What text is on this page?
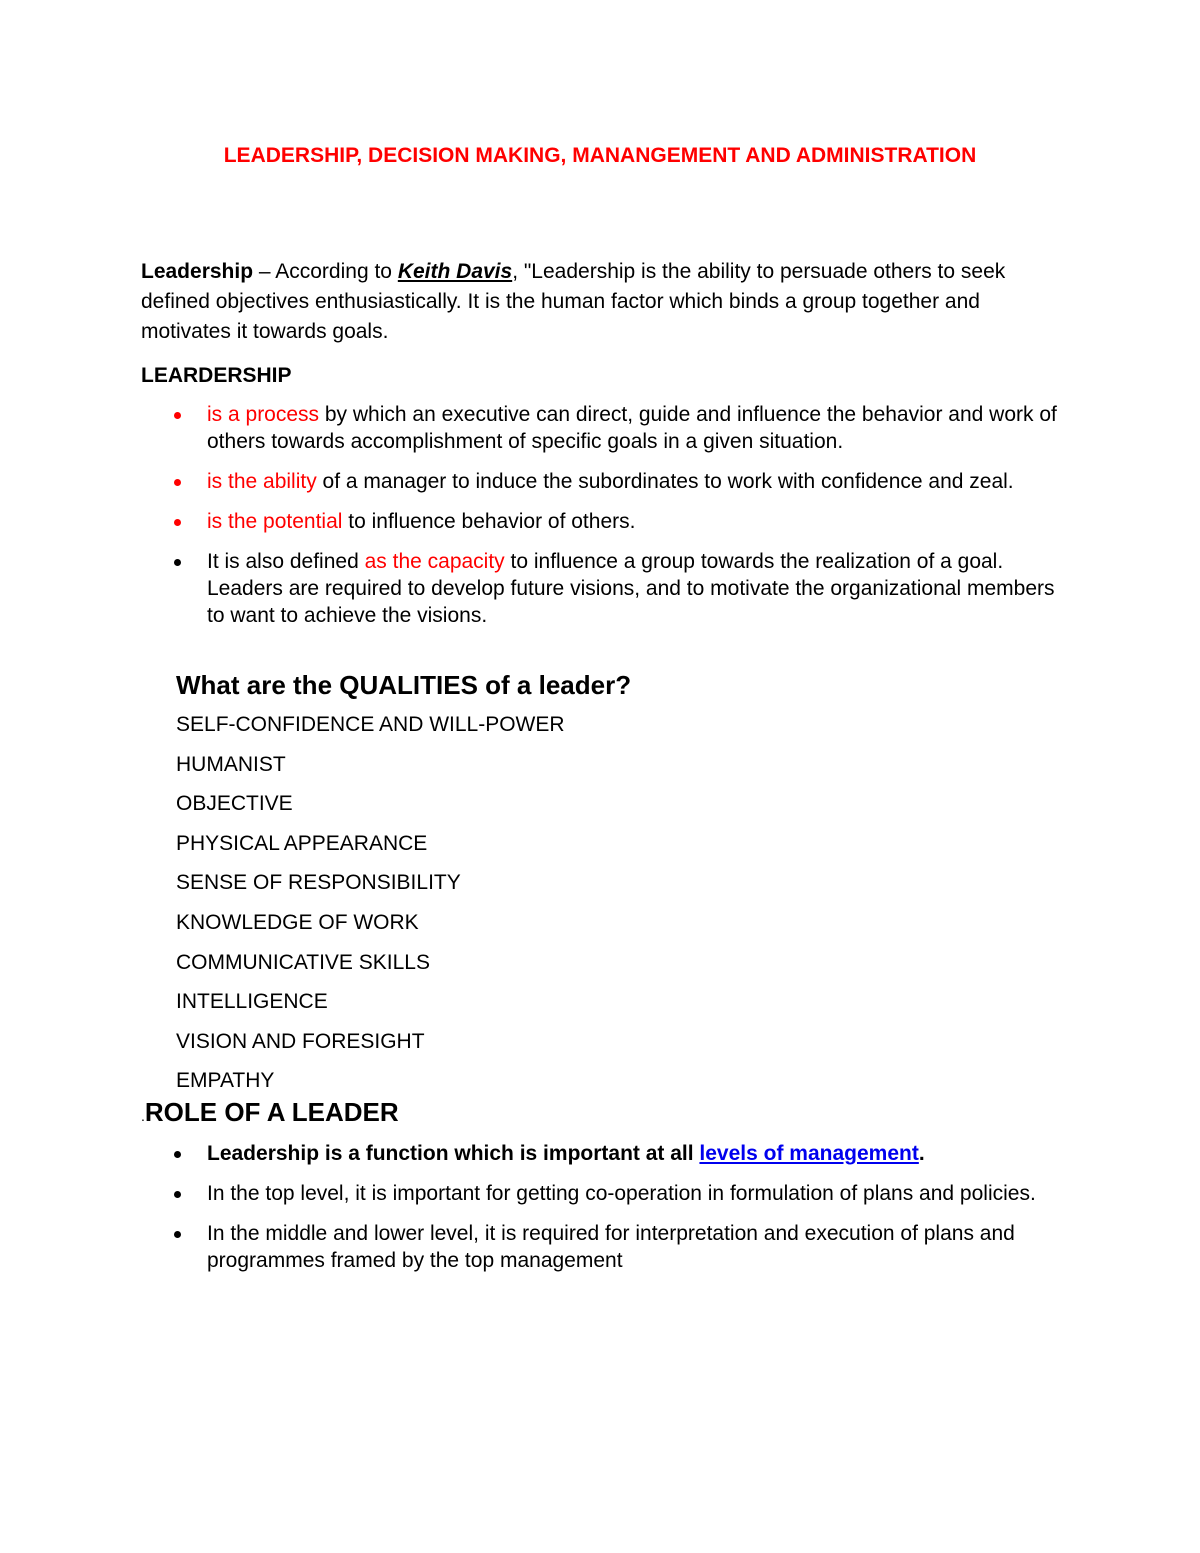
LEADERSHIP, DECISION MAKING, MANANGEMENT AND ADMINISTRATION
Leadership – According to Keith Davis, "Leadership is the ability to persuade others to seek defined objectives enthusiastically. It is the human factor which binds a group together and motivates it towards goals.
LEARDERSHIP
is a process by which an executive can direct, guide and influence the behavior and work of others towards accomplishment of specific goals in a given situation.
is the ability of a manager to induce the subordinates to work with confidence and zeal.
is the potential to influence behavior of others.
It is also defined as the capacity to influence a group towards the realization of a goal. Leaders are required to develop future visions, and to motivate the organizational members to want to achieve the visions.
What are the QUALITIES of a leader?
SELF-CONFIDENCE AND WILL-POWER
HUMANIST
OBJECTIVE
PHYSICAL APPEARANCE
SENSE OF RESPONSIBILITY
KNOWLEDGE OF WORK
COMMUNICATIVE SKILLS
INTELLIGENCE
VISION AND FORESIGHT
EMPATHY
.ROLE OF A LEADER
Leadership is a function which is important at all levels of management.
In the top level, it is important for getting co-operation in formulation of plans and policies.
In the middle and lower level, it is required for interpretation and execution of plans and programmes framed by the top management
